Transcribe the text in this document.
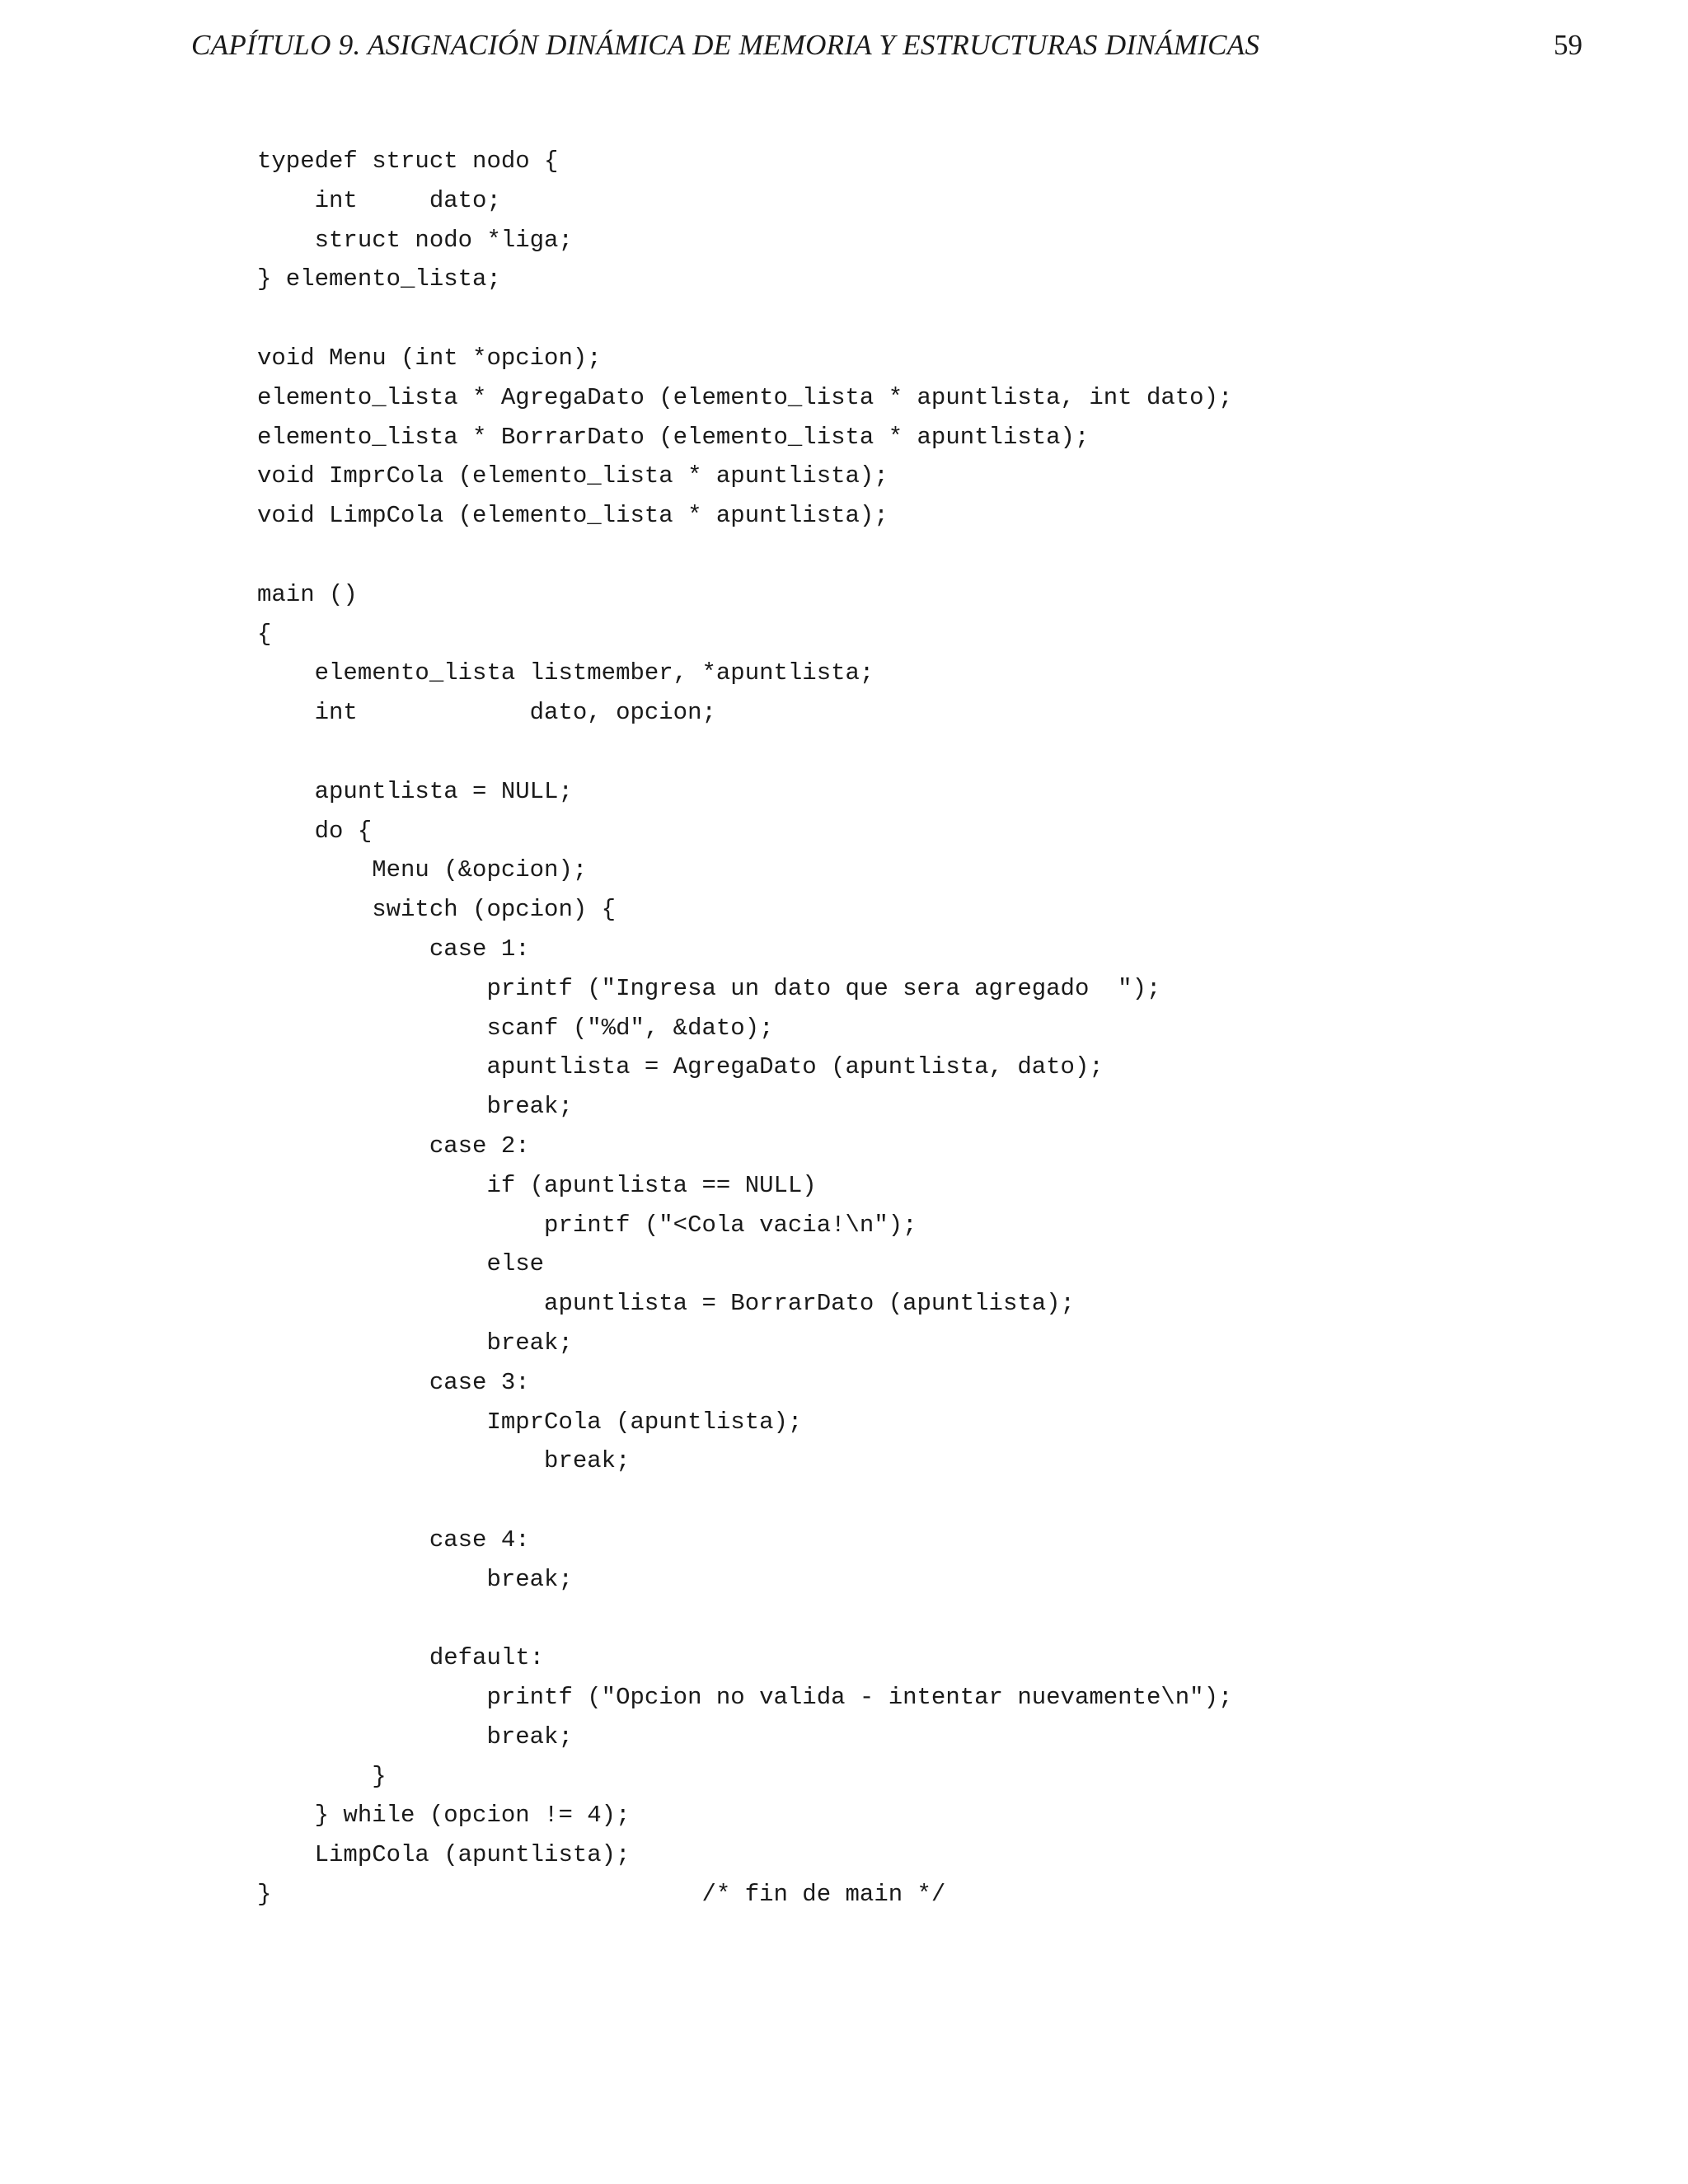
CAPÍTULO 9. ASIGNACIÓN DINÁMICA DE MEMORIA Y ESTRUCTURAS DINÁMICAS	59
typedef struct nodo {
int     dato;
struct nodo *liga;
} elemento_lista;
void Menu (int *opcion);
elemento_lista * AgregaDato (elemento_lista * apuntlista, int dato);
elemento_lista * BorrarDato (elemento_lista * apuntlista);
void ImprCola (elemento_lista * apuntlista);
void LimpCola (elemento_lista * apuntlista);
main ()
{
elemento_lista listmember, *apuntlista;
int            dato, opcion;
apuntlista = NULL;
do {
Menu (&opcion);
switch (opcion) {
case 1:
printf ("Ingresa un dato que sera agregado  ");
scanf ("%d", &dato);
apuntlista = AgregaDato (apuntlista, dato);
break;
case 2:
if (apuntlista == NULL)
printf ("<Cola vacia!\n");
else
apuntlista = BorrarDato (apuntlista);
break;
case 3:
ImprCola (apuntlista);
break;
case 4:
break;
default:
printf ("Opcion no valida - intentar nuevamente\n");
break;
}
} while (opcion != 4);
LimpCola (apuntlista);
}                              /* fin de main */
